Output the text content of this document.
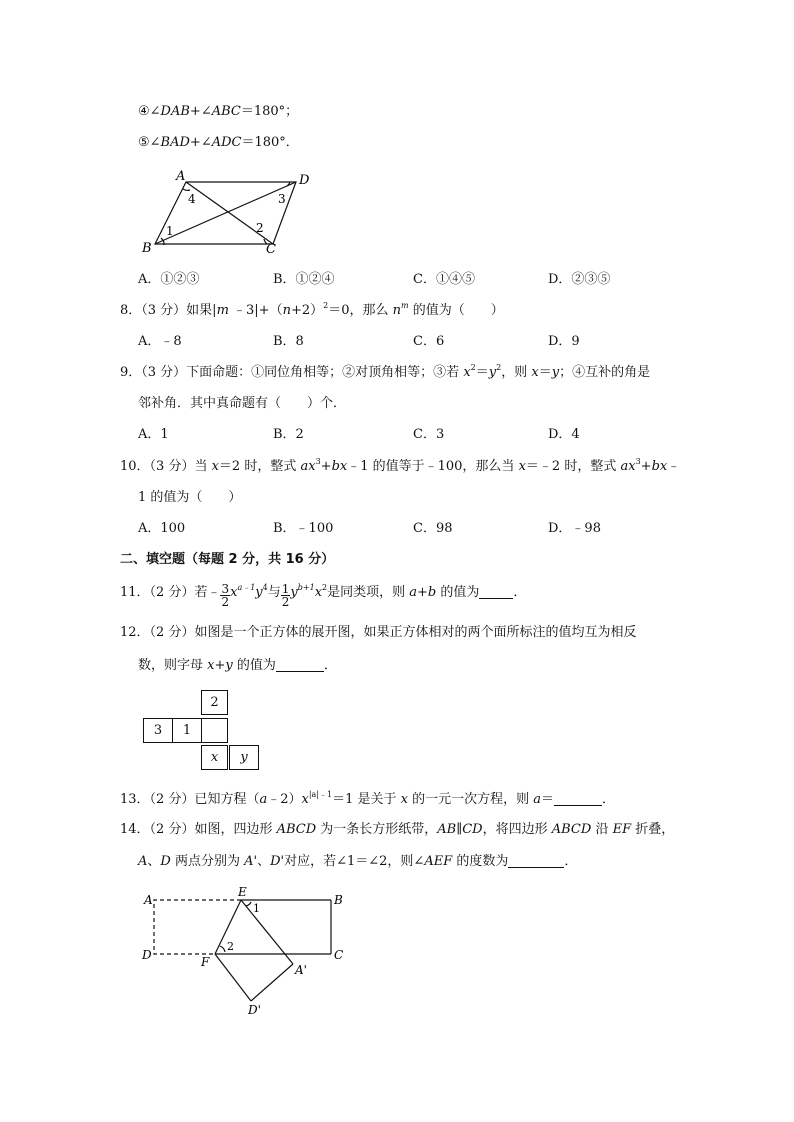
④∠DAB+∠ABC＝180°；
⑤∠BAD+∠ADC＝180°．
A	D
B	C
1	2
3
4
A．①②③	B．①②④	C．①④⑤	D．②③⑤
8．（3 分）如果|m $﹣3|+(n+2)^2=0$，那么 $n^m$ 的值为（　　）
A．﹣8	B．8	C．6	D．9
9．（3 分）下面命题：①同位角相等；②对顶角相等；③若 $x^2=y^2$，则 x＝y；④互补的角是
邻补角．其中真命题有（　　）个．
A．1	B．2	C．3	D．4
10．（3 分）当 x＝2 时，整式 $ax^3+bx﹣1$ 的值等于﹣100，那么当 x＝﹣2 时，整式 $ax^3+bx﹣$
1 的值为（　　）
A．100	B．﹣100	C．98	D．﹣98
二、填空题（每题 2 分，共 16 分）
11．（2 分）若﹣ $\frac{3}{2} x^{a﹣1}y^4$与 $\frac{1}{2} y^{b+1}x^2$是同类项，则 a+b 的值为	．
12．（2 分）如图是一个正方体的展开图，如果正方体相对的两个面所标注的值均互为相反
数，则字母 x+y 的值为	．
2
3	1
x	y
13．（2 分）已知方程$(a﹣2)x^{|a|﹣1}=1$ 是关于 x 的一元一次方程，则 a＝	．
14．（2 分）如图，四边形 ABCD 为一条长方形纸带，AB∥CD，将四边形 ABCD 沿 EF 折叠，
A、D 两点分别为 A'、D'对应，若∠1＝∠2，则∠AEF 的度数为	．
A
E
B
D	F	C
A'
D'
1
2
